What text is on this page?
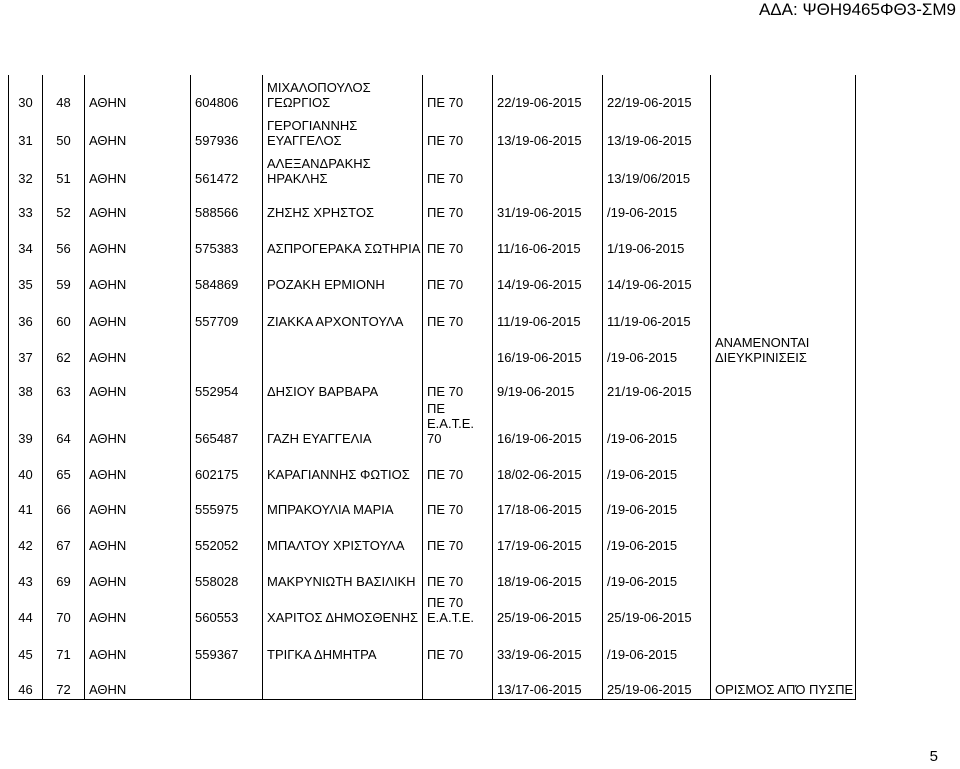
ΑΔΑ: ΨΘΗ9465ΦΘ3-ΣΜ9
30	48	ΑΘΗΝ	604806	ΜΙΧΑΛΟΠΟΥΛΟΣ ΓΕΩΡΓΙΟΣ	ΠΕ 70	22/19-06-2015	22/19-06-2015	
31	50	ΑΘΗΝ	597936	ΓΕΡΟΓΙΑΝΝΗΣ ΕΥΑΓΓΕΛΟΣ	ΠΕ 70	13/19-06-2015	13/19-06-2015	
32	51	ΑΘΗΝ	561472	ΑΛΕΞΑΝΔΡΑΚΗΣ ΗΡΑΚΛΗΣ	ΠΕ 70		13/19/06/2015	
33	52	ΑΘΗΝ	588566	ΖΗΣΗΣ ΧΡΗΣΤΟΣ	ΠΕ 70	31/19-06-2015	/19-06-2015	
34	56	ΑΘΗΝ	575383	ΑΣΠΡΟΓΕΡΑΚΑ ΣΩΤΗΡΙΑ	ΠΕ 70	11/16-06-2015	1/19-06-2015	
35	59	ΑΘΗΝ	584869	ΡΟΖΑΚΗ ΕΡΜΙΟΝΗ	ΠΕ 70	14/19-06-2015	14/19-06-2015	
36	60	ΑΘΗΝ	557709	ΖΙΑΚΚΑ ΑΡΧΟΝΤΟΥΛΑ	ΠΕ 70	11/19-06-2015	11/19-06-2015	
37	62	ΑΘΗΝ				16/19-06-2015	/19-06-2015	ΑΝΑΜΕΝΟΝΤΑΙ ΔΙΕΥΚΡΙΝΙΣΕΙΣ
38	63	ΑΘΗΝ	552954	ΔΗΣΙΟΥ ΒΑΡΒΑΡΑ	ΠΕ 70	9/19-06-2015	21/19-06-2015	
39	64	ΑΘΗΝ	565487	ΓΑΖΗ ΕΥΑΓΓΕΛΙΑ	ΠΕ Ε.Α.Τ.Ε. 70	16/19-06-2015	/19-06-2015	
40	65	ΑΘΗΝ	602175	ΚΑΡΑΓΙΑΝΝΗΣ ΦΩΤΙΟΣ	ΠΕ 70	18/02-06-2015	/19-06-2015	
41	66	ΑΘΗΝ	555975	ΜΠΡΑΚΟΥΛΙΑ ΜΑΡΙΑ	ΠΕ 70	17/18-06-2015	/19-06-2015	
42	67	ΑΘΗΝ	552052	ΜΠΑΛΤΟΥ ΧΡΙΣΤΟΥΛΑ	ΠΕ 70	17/19-06-2015	/19-06-2015	
43	69	ΑΘΗΝ	558028	ΜΑΚΡΥΝΙΩΤΗ ΒΑΣΙΛΙΚΗ	ΠΕ 70	18/19-06-2015	/19-06-2015	
44	70	ΑΘΗΝ	560553	ΧΑΡΙΤΟΣ ΔΗΜΟΣΘΕΝΗΣ	ΠΕ 70 Ε.Α.Τ.Ε.	25/19-06-2015	25/19-06-2015	
45	71	ΑΘΗΝ	559367	ΤΡΙΓΚΑ ΔΗΜΗΤΡΑ	ΠΕ 70	33/19-06-2015	/19-06-2015	
46	72	ΑΘΗΝ				13/17-06-2015	25/19-06-2015	ΟΡΙΣΜΟΣ ΑΠΌ ΠΥΣΠΕ
5
